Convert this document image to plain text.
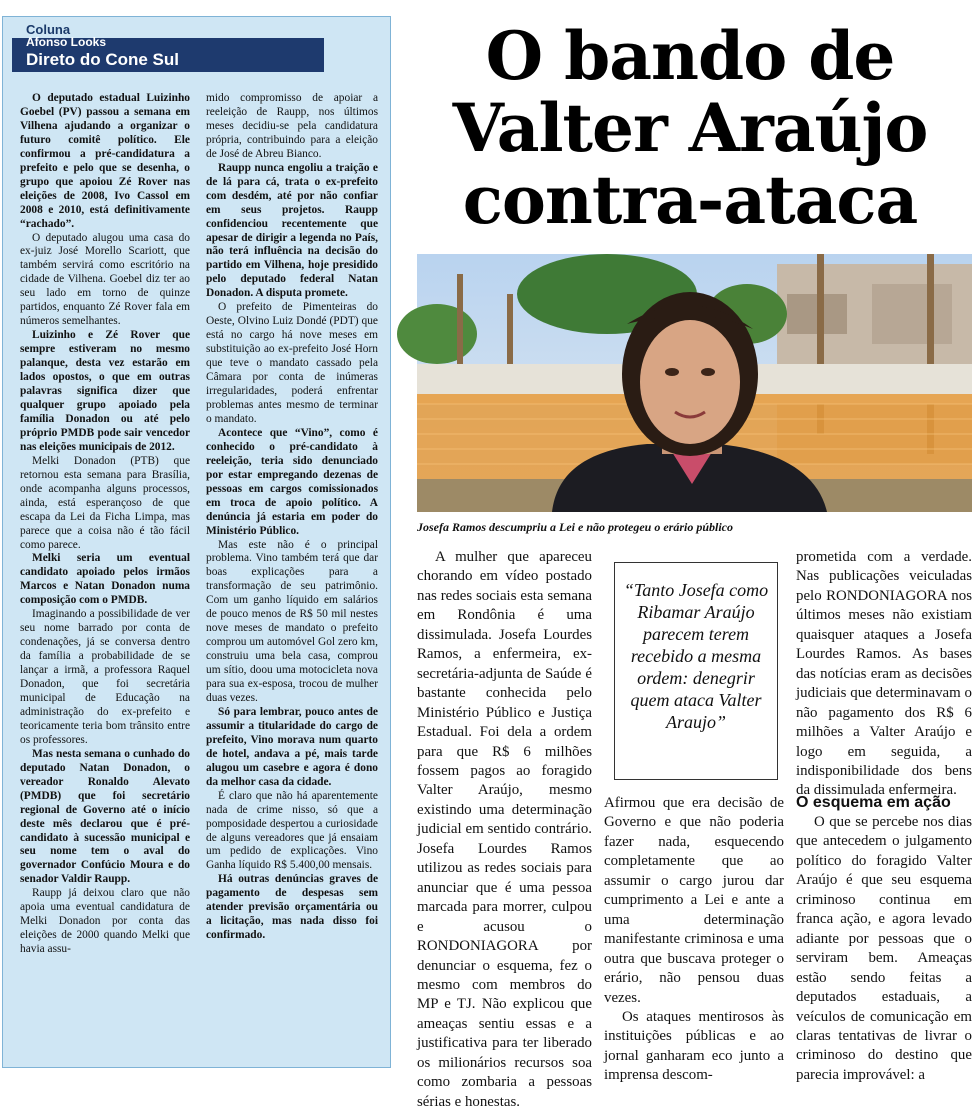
Coluna
Afonso Looks
Direto do Cone Sul

O deputado estadual Luizinho Goebel (PV) passou a semana em Vilhena ajudando a organizar o futuro comitê político. Ele confirmou a pré-candidatura a prefeito e pelo que se desenha, o grupo que apoiou Zé Rover nas eleições de 2008, Ivo Cassol em 2008 e 2010, está definitivamente “rachado”.

O deputado alugou uma casa do ex-juiz José Morello Scariott, que também servirá como escritório na cidade de Vilhena. Goebel diz ter ao seu lado em torno de quinze partidos, enquanto Zé Rover fala em números semelhantes.

Luizinho e Zé Rover que sempre estiveram no mesmo palanque, desta vez estarão em lados opostos, o que em outras palavras significa dizer que qualquer grupo apoiado pela família Donadon ou até pelo próprio PMDB pode sair vencedor nas eleições municipais de 2012.

Melki Donadon (PTB) que retornou esta semana para Brasília, onde acompanha alguns processos, ainda, está esperançoso de que escapa da Lei da Ficha Limpa, mas parece que a coisa não é tão fácil como parece.

Melki seria um eventual candidato apoiado pelos irmãos Marcos e Natan Donadon numa composição com o PMDB.

Imaginando a possibilidade de ver seu nome barrado por conta de condenações, já se conversa dentro da família a probabilidade de se lançar a irmã, a professora Raquel Donadon, que foi secretária municipal de Educação na administração do ex-prefeito e teoricamente teria bom trânsito entre os professores.

Mas nesta semana o cunhado do deputado Natan Donadon, o vereador Ronaldo Alevato (PMDB) que foi secretário regional de Governo até o início deste mês declarou que é pré-candidato à sucessão municipal e seu nome tem o aval do governador Confúcio Moura e do senador Valdir Raupp.

Raupp já deixou claro que não apoia uma eventual candidatura de Melki Donadon por conta das eleições de 2000 quando Melki que havia assu-

mido compromisso de apoiar a reeleição de Raupp, nos últimos meses decidiu-se pela candidatura própria, contribuindo para a eleição de José de Abreu Bianco.

Raupp nunca engoliu a traição e de lá para cá, trata o ex-prefeito com desdém, até por não confiar em seus projetos. Raupp confidenciou recentemente que apesar de dirigir a legenda no País, não terá influência na decisão do partido em Vilhena, hoje presidido pelo deputado federal Natan Donadon. A disputa promete.

O prefeito de Pimenteiras do Oeste, Olvino Luiz Dondé (PDT) que está no cargo há nove meses em substituição ao ex-prefeito José Horn que teve o mandato cassado pela Câmara por conta de inúmeras irregularidades, poderá enfrentar problemas antes mesmo de terminar o mandato.

Acontece que “Vino”, como é conhecido o pré-candidato à reeleição, teria sido denunciado por estar empregando dezenas de pessoas em cargos comissionados em troca de apoio político. A denúncia já estaria em poder do Ministério Público.

Mas este não é o principal problema. Vino também terá que dar boas explicações para a transformação de seu patrimônio. Com um ganho líquido em salários de pouco menos de R$ 50 mil nestes nove meses de mandato o prefeito comprou um automóvel Gol zero km, construiu uma bela casa, comprou um sítio, doou uma motocicleta nova para sua ex-esposa, trocou de mulher duas vezes.

Só para lembrar, pouco antes de assumir a titularidade do cargo de prefeito, Vino morava num quarto de hotel, andava a pé, mais tarde alugou um casebre e agora é dono da melhor casa da cidade.

É claro que não há aparentemente nada de crime nisso, só que a pomposidade despertou a curiosidade de alguns vereadores que já ensaiam um pedido de explicações. Vino Ganha líquido R$ 5.400,00 mensais.

Há outras denúncias graves de pagamento de despesas sem atender previsão orçamentária ou a licitação, mas nada disso foi confirmado.

O bando de Valter Araújo contra-ataca
Josefa Ramos descumpriu a Lei e não protegeu o erário público

A mulher que apareceu chorando em vídeo postado nas redes sociais esta semana em Rondônia é uma dissimulada. Josefa Lourdes Ramos, a enfermeira, ex-secretária-adjunta de Saúde é bastante conhecida pelo Ministério Público e Justiça Estadual. Foi dela a ordem para que R$ 6 milhões fossem pagos ao foragido Valter Araújo, mesmo existindo uma determinação judicial em sentido contrário. Josefa Lourdes Ramos utilizou as redes sociais para anunciar que é uma pessoa marcada para morrer, culpou e acusou o RONDONIAGORA por denunciar o esquema, fez o mesmo com membros do MP e TJ. Não explicou que ameaças sentiu essas e a justificativa para ter liberado os milionários recursos soa como zombaria a pessoas sérias e honestas.

“Tanto Josefa como Ribamar Araújo parecem terem recebido a mesma ordem: denegrir quem ataca Valter Araujo”

Afirmou que era decisão de Governo e que não poderia fazer nada, esquecendo completamente que ao assumir o cargo jurou dar cumprimento a Lei e ante a uma determinação manifestante criminosa e uma outra que buscava proteger o erário, não pensou duas vezes.

Os ataques mentirosos às instituições públicas e ao jornal ganharam eco junto a imprensa descom-

prometida com a verdade. Nas publicações veiculadas pelo RONDONIAGORA nos últimos meses não existiam quaisquer ataques a Josefa Lourdes Ramos. As bases das notícias eram as decisões judiciais que determinavam o não pagamento dos R$ 6 milhões a Valter Araújo e logo em seguida, a indisponibilidade dos bens da dissimulada enfermeira.

O esquema em ação

O que se percebe nos dias que antecedem o julgamento político do foragido Valter Araújo é que seu esquema criminoso continua em franca ação, e agora levado adiante por pessoas que o serviram bem. Ameaças estão sendo feitas a deputados estaduais, a veículos de comunicação em claras tentativas de livrar o criminoso do destino que parecia improvável: a
